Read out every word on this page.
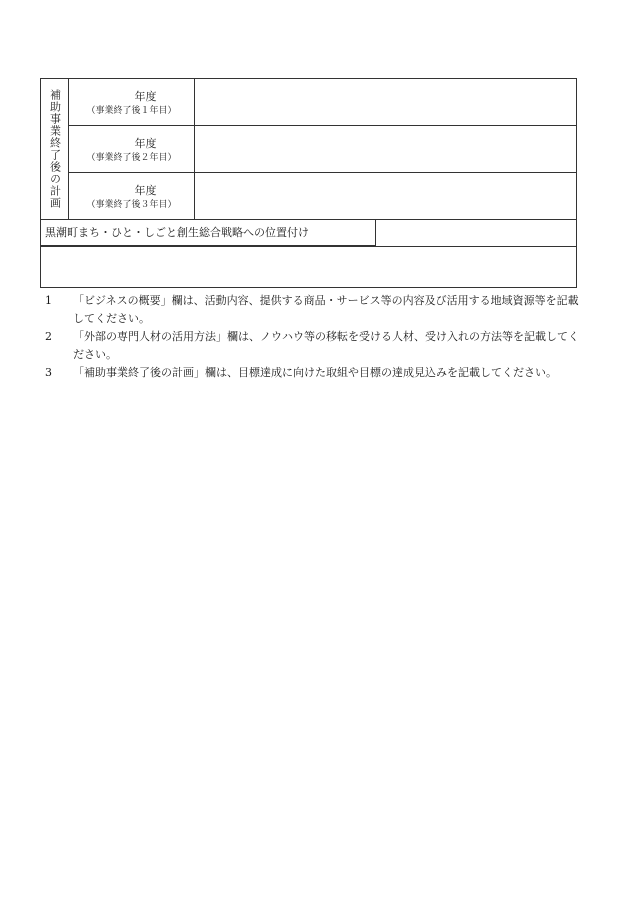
補助事業終了後の計画	年度
（事業終了後１年目）	

	年度
（事業終了後２年目）	

	年度
（事業終了後３年目）	

黒潮町まち・ひと・しごと創生総合戦略への位置付け		

1	「ビジネスの概要」欄は、活動内容、提供する商品・サービス等の内容及び活用する地域資源等を記載してください。
2	「外部の専門人材の活用方法」欄は、ノウハウ等の移転を受ける人材、受け入れの方法等を記載してください。
3	「補助事業終了後の計画」欄は、目標達成に向けた取組や目標の達成見込みを記載してください。
